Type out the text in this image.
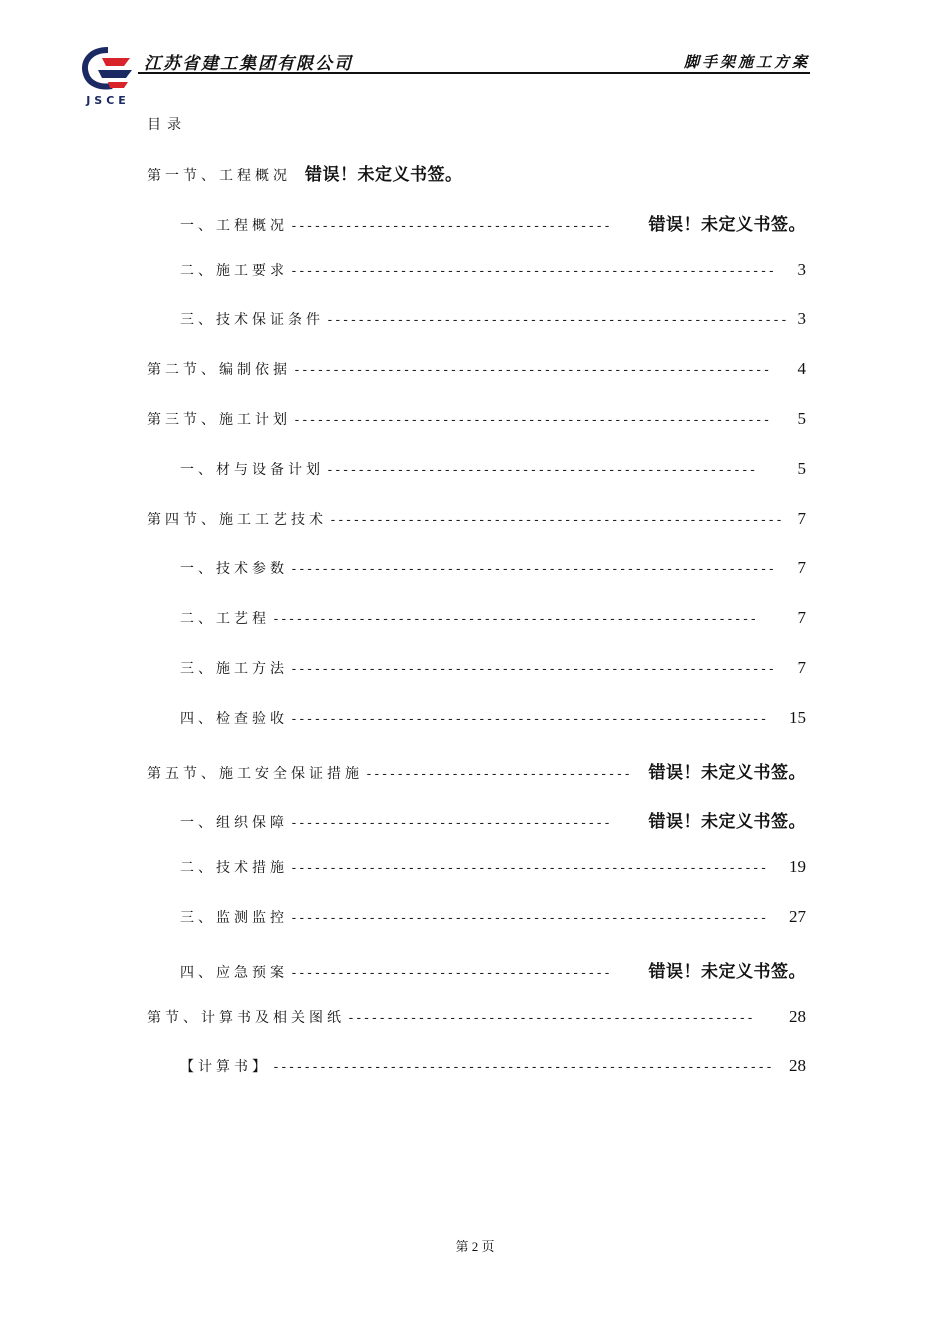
JSCE
江苏省建工集团有限公司	脚手架施工方案
目录
第一节、工程概况 错误！未定义书签。
一、工程概况 -----------------------------------------	错误！未定义书签。
二、施工要求 --------------------------------------------------------------	3
三、技术保证条件 ----------------------------------------------------------- 3
第二节、编制依据 -------------------------------------------------------------	4
第三节、施工计划 -------------------------------------------------------------	5
一、材与设备计划 -------------------------------------------------------	5
第四节、施工工艺技术 ---------------------------------------------------------- 7
一、技术参数 --------------------------------------------------------------	7
二、工艺程 --------------------------------------------------------------	7
三、施工方法 --------------------------------------------------------------	7
四、检查验收 -------------------------------------------------------------	15
第五节、施工安全保证措施 ----------------------------------	错误！未定义书签。
一、组织保障 -----------------------------------------	错误！未定义书签。
二、技术措施 -------------------------------------------------------------	19
三、监测监控 -------------------------------------------------------------	27
四、应急预案 -----------------------------------------	错误！未定义书签。
第节、计算书及相关图纸 ----------------------------------------------------	28
【计算书】 ---------------------------------------------------------------- 28
第 2 页
